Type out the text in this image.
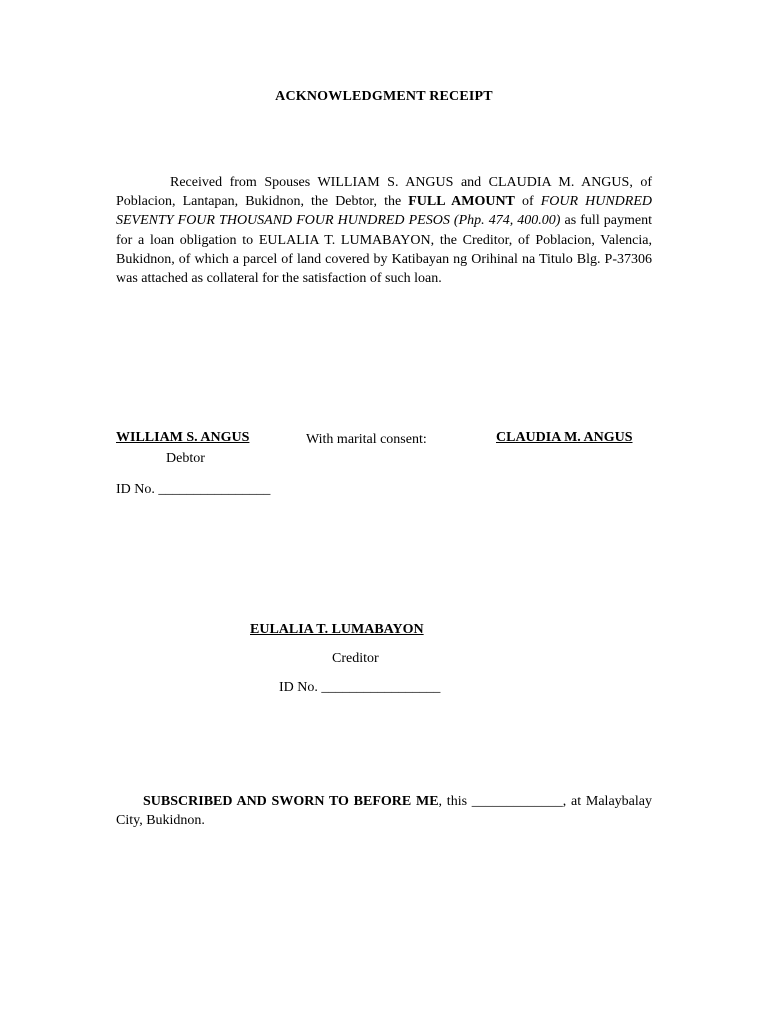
ACKNOWLEDGMENT RECEIPT
Received from Spouses WILLIAM S. ANGUS and CLAUDIA M. ANGUS, of Poblacion, Lantapan, Bukidnon, the Debtor, the FULL AMOUNT of FOUR HUNDRED SEVENTY FOUR THOUSAND FOUR HUNDRED PESOS (Php. 474, 400.00) as full payment for a loan obligation to EULALIA T. LUMABAYON, the Creditor, of Poblacion, Valencia, Bukidnon, of which a parcel of land covered by Katibayan ng Orihinal na Titulo Blg. P-37306 was attached as collateral for the satisfaction of such loan.
WILLIAM S. ANGUS	With marital consent:	CLAUDIA M. ANGUS
Debtor
ID No. ________________
EULALIA T. LUMABAYON
Creditor
ID No. _________________
SUBSCRIBED AND SWORN TO BEFORE ME, this _____________, at Malaybalay City, Bukidnon.
